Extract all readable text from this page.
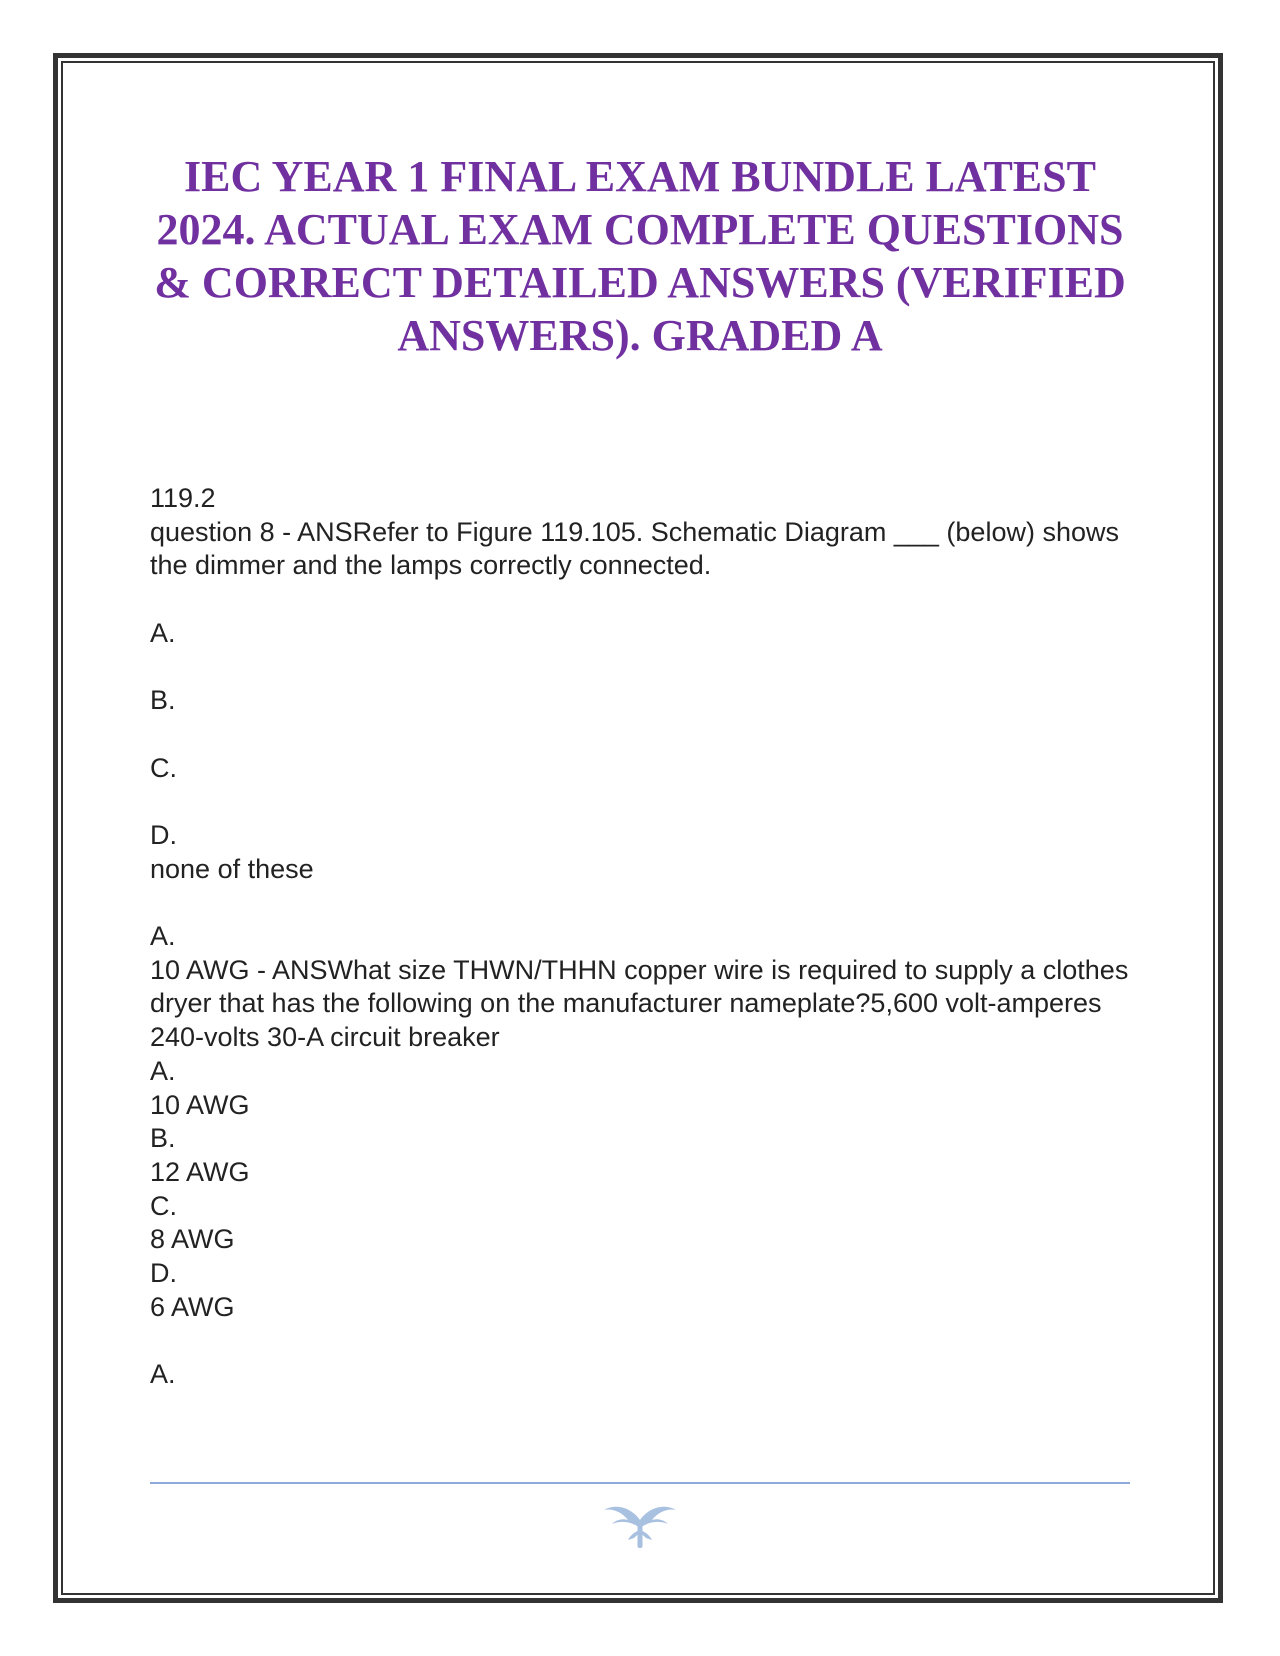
IEC YEAR 1 FINAL EXAM BUNDLE LATEST 2024. ACTUAL EXAM COMPLETE QUESTIONS & CORRECT DETAILED ANSWERS (VERIFIED ANSWERS). GRADED A
119.2
question 8 - ANSRefer to Figure 119.105. Schematic Diagram ___ (below) shows the dimmer and the lamps correctly connected.
A.
B.
C.
D.
none of these
A.
10 AWG - ANSWhat size THWN/THHN copper wire is required to supply a clothes dryer that has the following on the manufacturer nameplate?5,600 volt-amperes 240-volts 30-A circuit breaker
A.
10 AWG
B.
12 AWG
C.
8 AWG
D.
6 AWG
A.
